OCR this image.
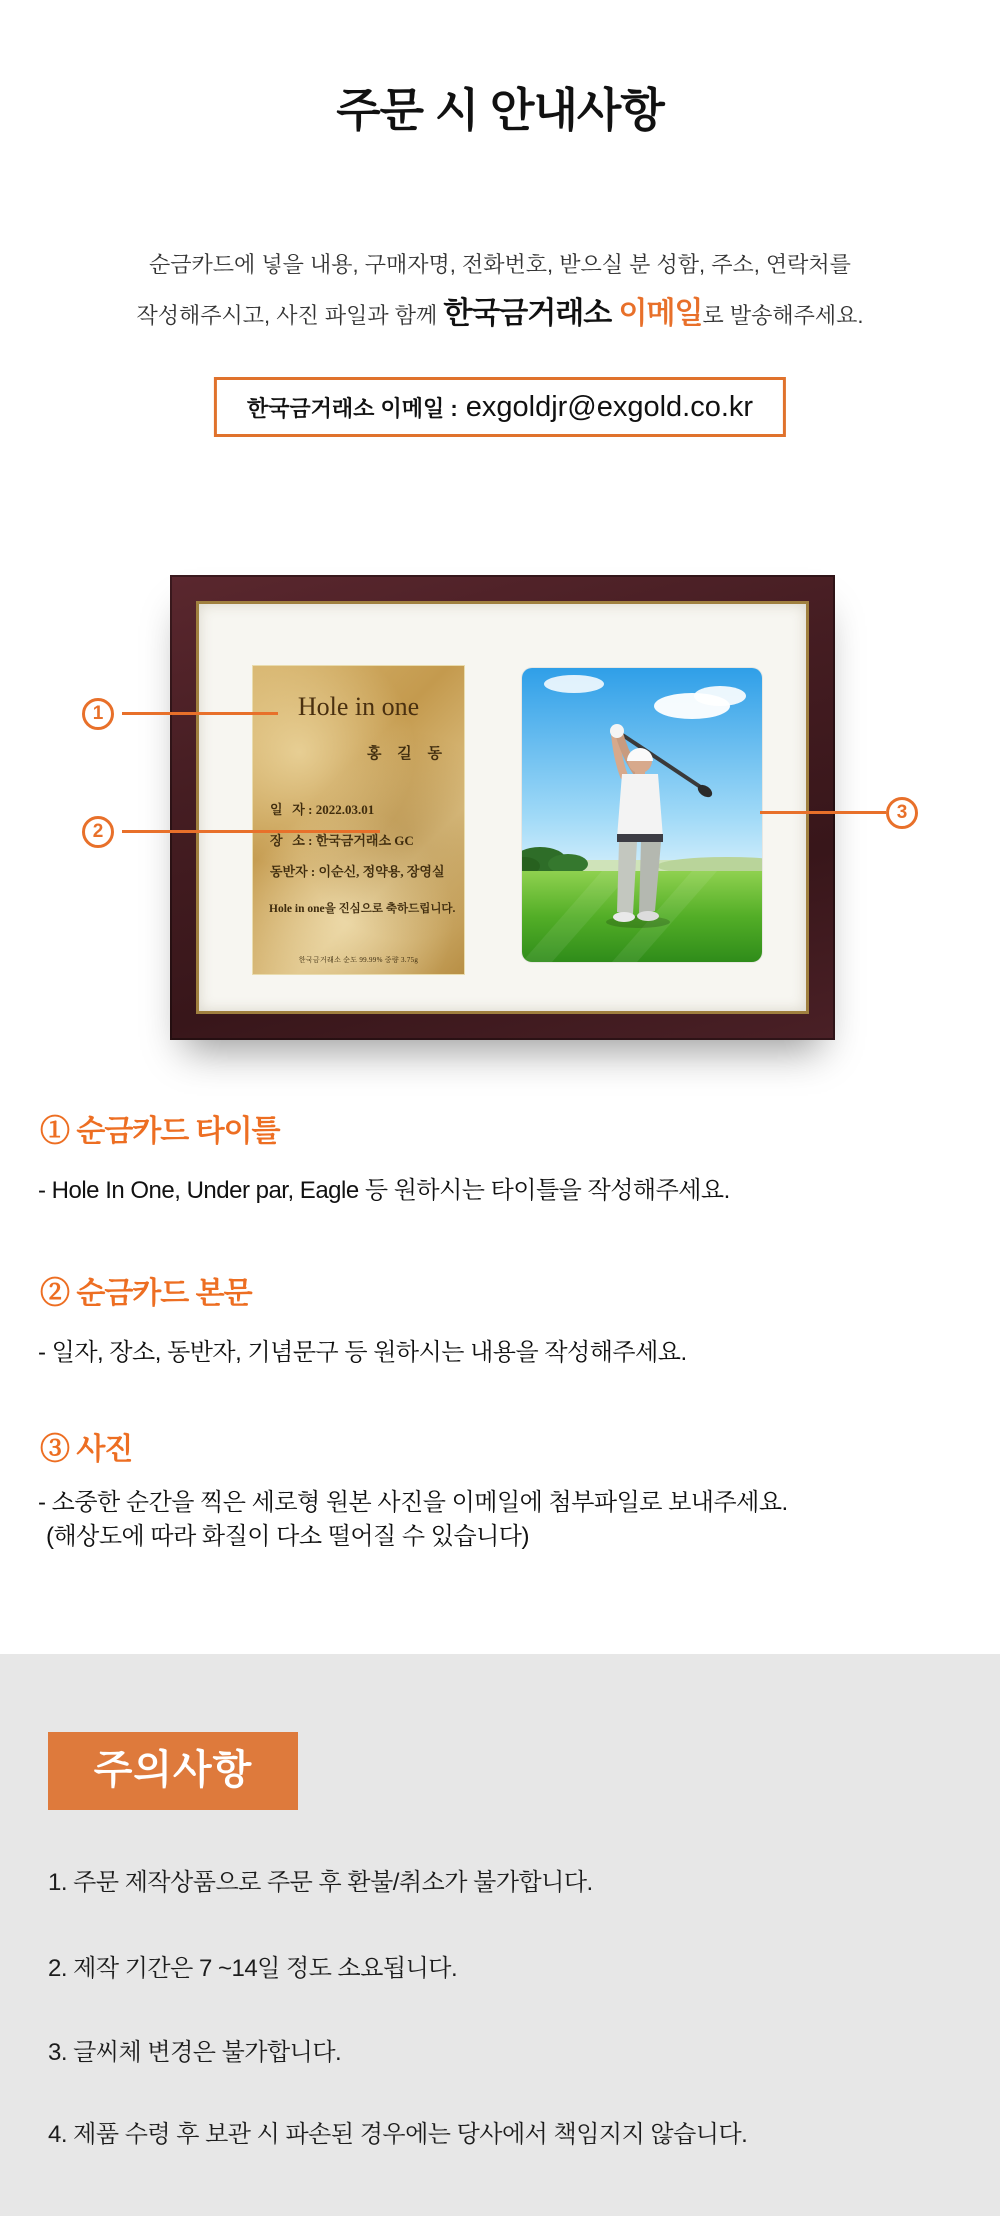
주문 시 안내사항
순금카드에 넣을 내용, 구매자명, 전화번호, 받으실 분 성함, 주소, 연락처를
작성해주시고, 사진 파일과 함께 한국금거래소 이메일로 발송해주세요.
한국금거래소 이메일 : exgoldjr@exgold.co.kr
Hole in one
홍 길 동
일   자 : 2022.03.01
장   소 : 한국금거래소 GC
동반자 : 이순신, 정약용, 장영실
Hole in one을 진심으로 축하드립니다.
한국금거래소 순도 99.99% 중량 3.75g
1
2
3
① 순금카드 타이틀
- Hole In One, Under par, Eagle 등 원하시는 타이틀을 작성해주세요.
② 순금카드 본문
- 일자, 장소, 동반자, 기념문구 등 원하시는 내용을 작성해주세요.
③ 사진
- 소중한 순간을 찍은 세로형 원본 사진을 이메일에 첨부파일로 보내주세요.
(해상도에 따라 화질이 다소 떨어질 수 있습니다)
주의사항
1. 주문 제작상품으로 주문 후 환불/취소가 불가합니다.
2. 제작 기간은 7 ~14일 정도 소요됩니다.
3. 글씨체 변경은 불가합니다.
4. 제품 수령 후 보관 시 파손된 경우에는 당사에서 책임지지 않습니다.
